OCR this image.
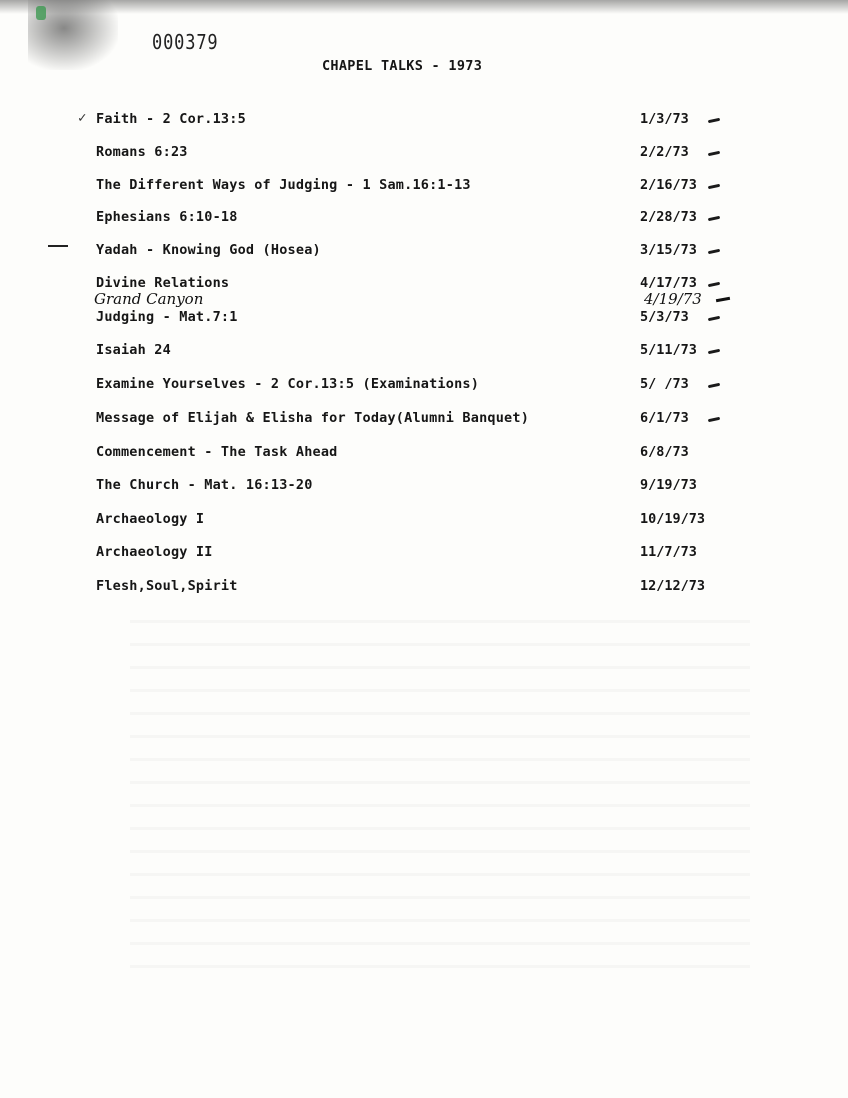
000379
CHAPEL TALKS - 1973
✓ Faith - 2 Cor.13:5	1/3/73
Romans 6:23	2/2/73
The Different Ways of Judging - 1 Sam.16:1-13	2/16/73
Ephesians 6:10-18	2/28/73
Yadah - Knowing God (Hosea)	3/15/73
Divine Relations	4/17/73
Grand Canyon	4/19/73
Judging - Mat.7:1	5/3/73
Isaiah 24	5/11/73
Examine Yourselves - 2 Cor.13:5 (Examinations)	5/ /73
Message of Elijah & Elisha for Today(Alumni Banquet)	6/1/73
Commencement - The Task Ahead	6/8/73
The Church - Mat. 16:13-20	9/19/73
Archaeology I	10/19/73
Archaeology II	11/7/73
Flesh,Soul,Spirit	12/12/73
